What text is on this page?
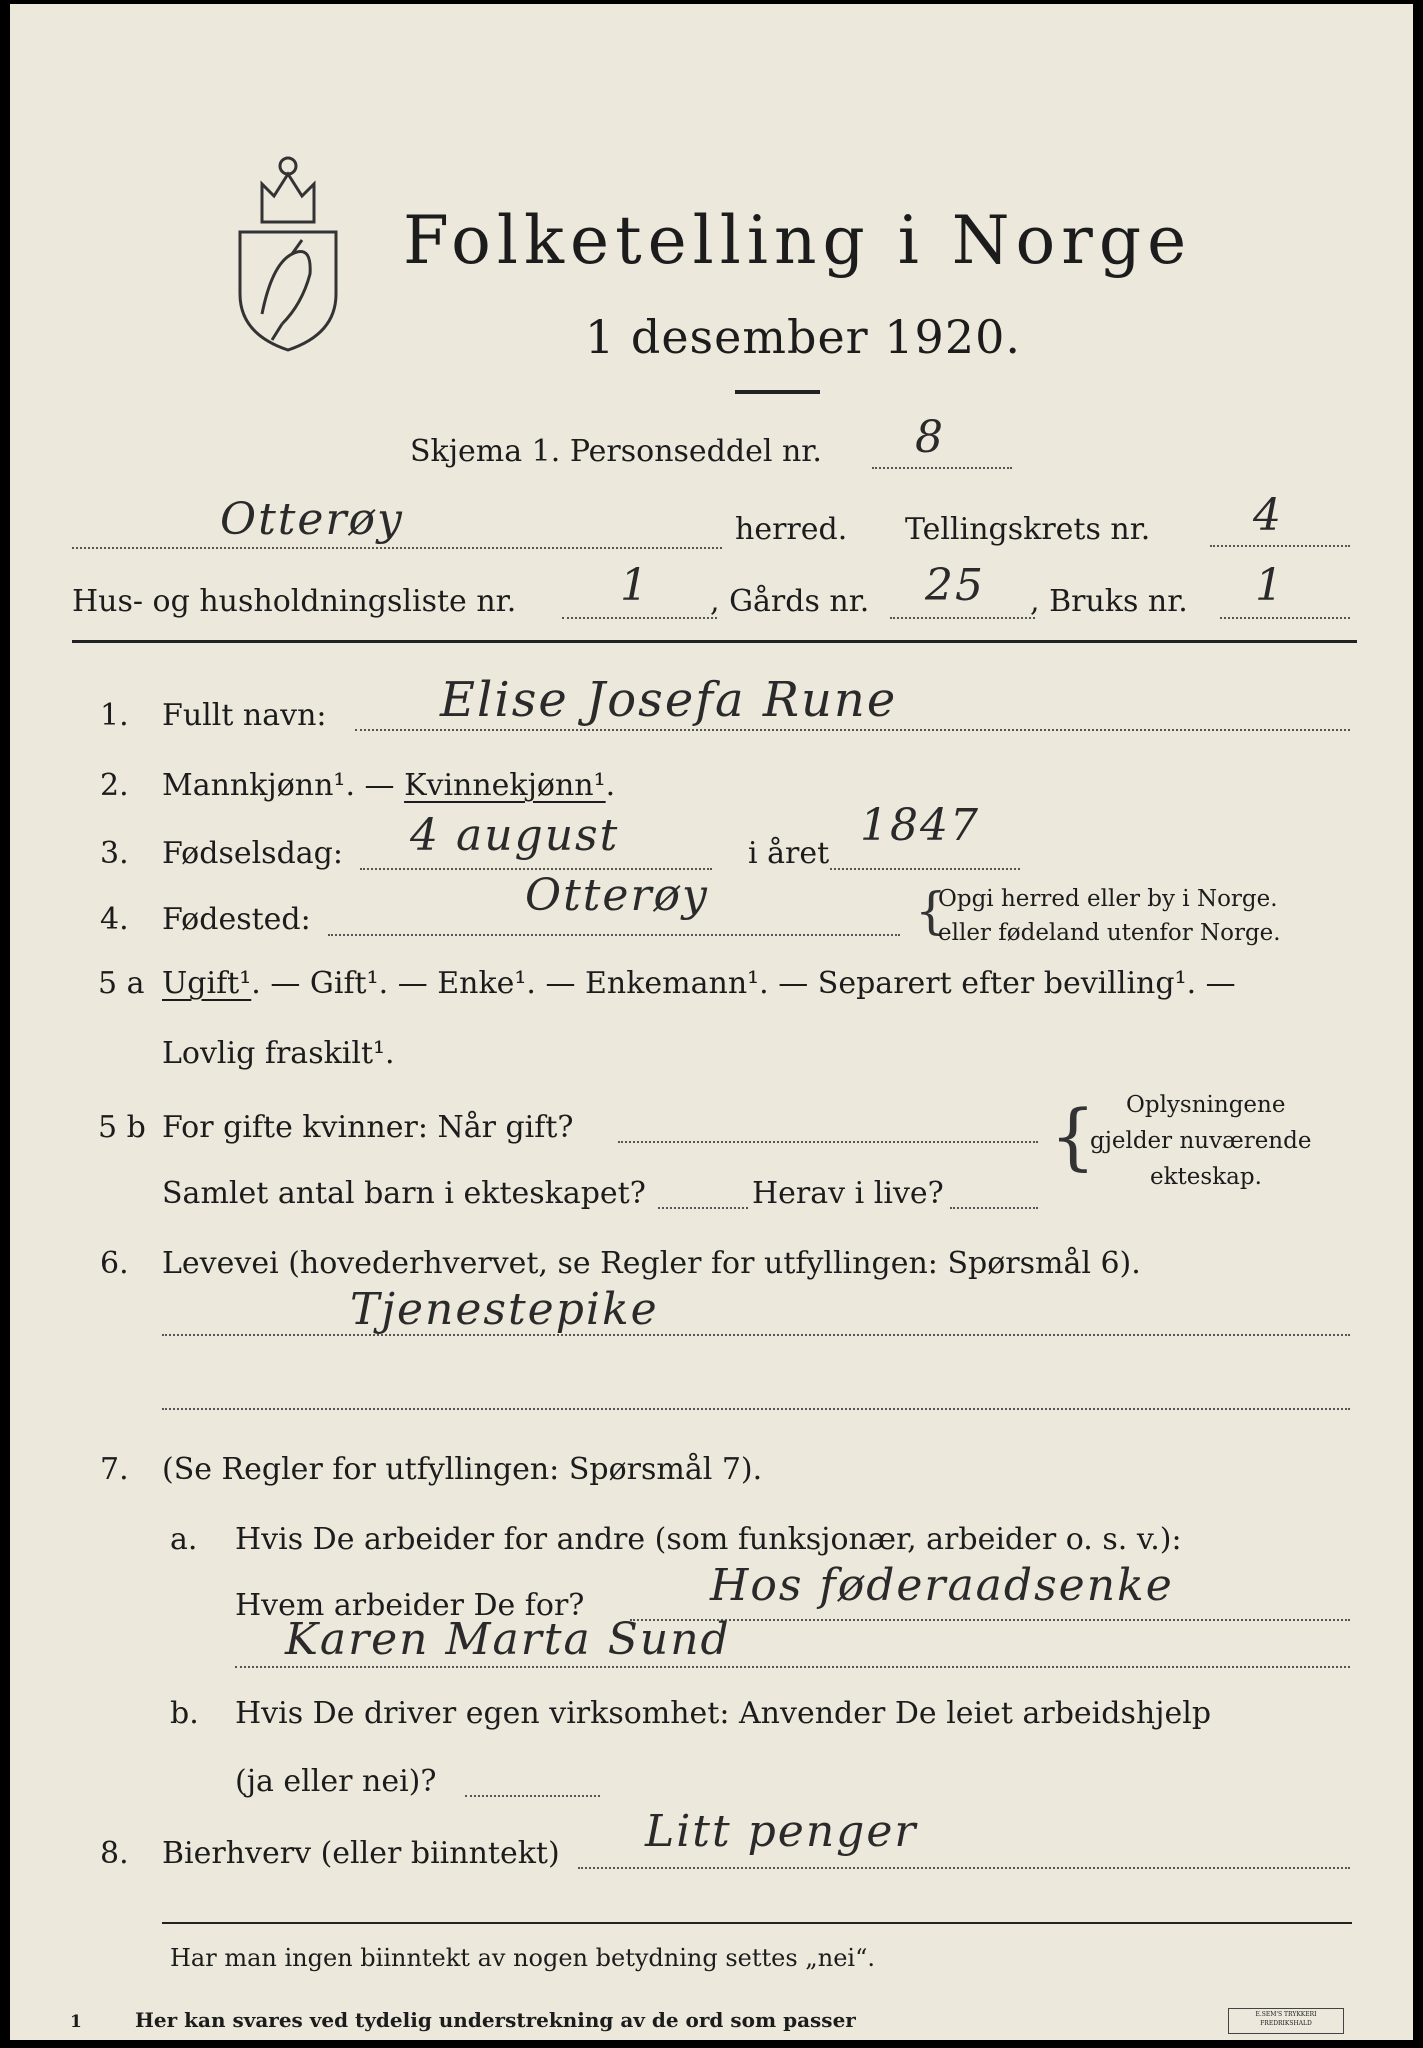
Folketelling i Norge
1 desember 1920.
Skjema 1. Personseddel nr. 8
Otterøy	herred. Tellingskrets nr. 4
Hus- og husholdningsliste nr. 1 , Gårds nr. 25 , Bruks nr. 1
1. Fullt navn: Elise Josefa Rune
2. Mannkjønn¹. — Kvinnekjønn¹.
3. Fødselsdag: 4 august	i året
1847
4. Fødested:	Otterøy	{
Opgi herred eller by i Norge.
eller fødeland utenfor Norge.
5 a Ugift¹. — Gift¹. — Enke¹. — Enkemann¹. — Separert efter bevilling¹. —
Lovlig fraskilt¹.
5 b For gifte kvinner: Når gift?	{ Oplysningene
gjelder nuværende
ekteskap.
Samlet antal barn i ekteskapet?	Herav i live?
6. Levevei (hovederhvervet, se Regler for utfyllingen: Spørsmål 6).
Tjenestepike
7. (Se Regler for utfyllingen: Spørsmål 7).
a. Hvis De arbeider for andre (som funksjonær, arbeider o. s. v.):
Hvem arbeider De for?	Hos føderaadsenke
Karen Marta Sund
b. Hvis De driver egen virksomhet: Anvender De leiet arbeidshjelp
(ja eller nei)?
8. Bierhverv (eller biinntekt) Litt penger
Har man ingen biinntekt av nogen betydning settes „nei“.
1	Her kan svares ved tydelig understrekning av de ord som passer	E.SEM'S TRYKKERI FREDRIKSHALD
